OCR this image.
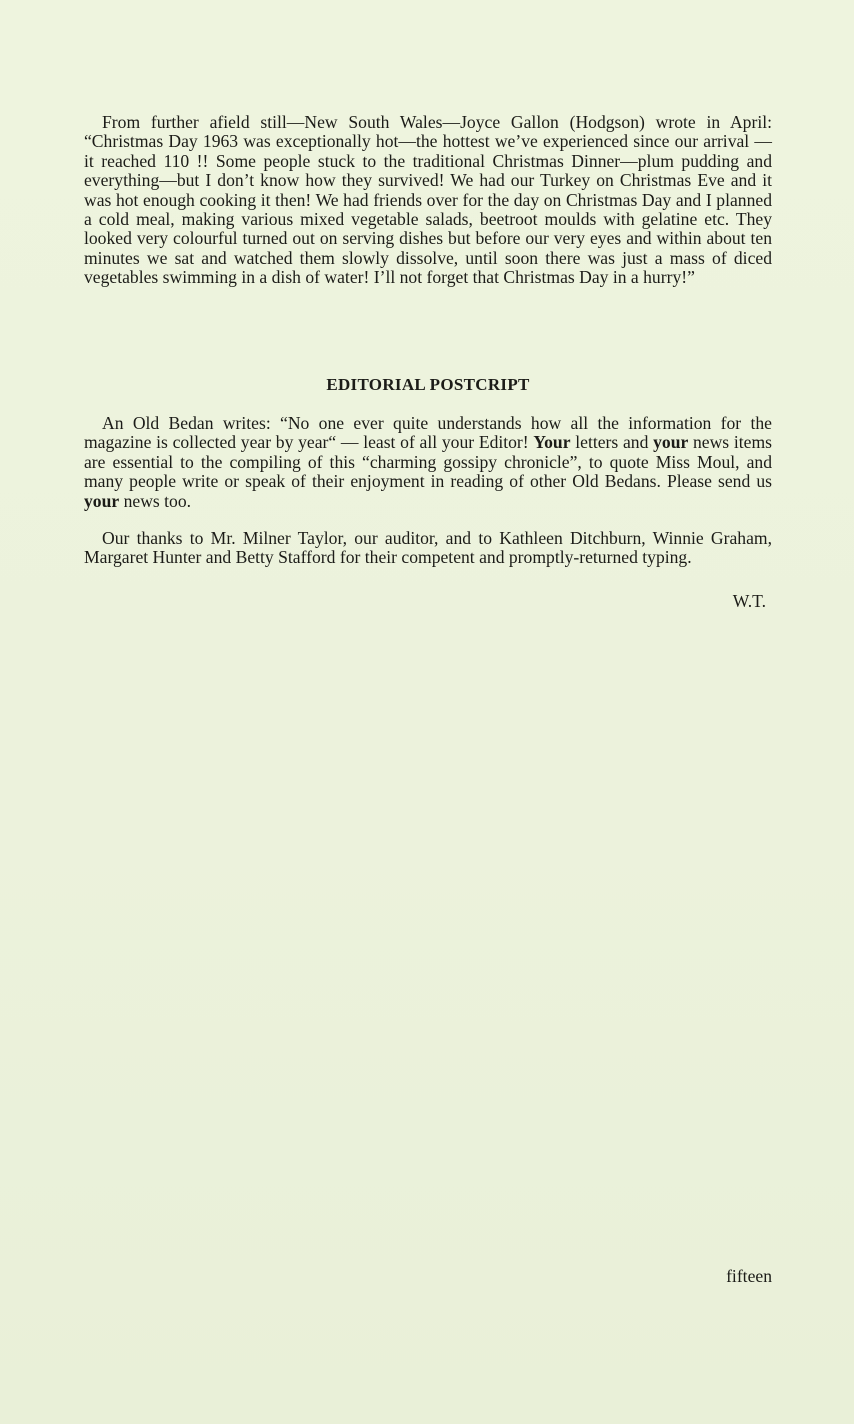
From further afield still—New South Wales—Joyce Gallon (Hodgson) wrote in April: “Christmas Day 1963 was exceptionally hot—the hottest we’ve experienced since our arrival — it reached 110 !! Some people stuck to the traditional Christmas Dinner—plum pudding and everything—but I don’t know how they survived! We had our Turkey on Christmas Eve and it was hot enough cooking it then! We had friends over for the day on Christmas Day and I planned a cold meal, making various mixed vegetable salads, beetroot moulds with gelatine etc. They looked very colourful turned out on serving dishes but before our very eyes and within about ten minutes we sat and watched them slowly dissolve, until soon there was just a mass of diced vegetables swimming in a dish of water! I’ll not forget that Christmas Day in a hurry!”

EDITORIAL POSTCRIPT

An Old Bedan writes: “No one ever quite understands how all the information for the magazine is collected year by year“ — least of all your Editor! Your letters and your news items are essential to the compiling of this “charming gossipy chronicle”, to quote Miss Moul, and many people write or speak of their enjoyment in reading of other Old Bedans. Please send us your news too.

Our thanks to Mr. Milner Taylor, our auditor, and to Kathleen Ditchburn, Winnie Graham, Margaret Hunter and Betty Stafford for their competent and promptly-returned typing.

W.T.

fifteen
